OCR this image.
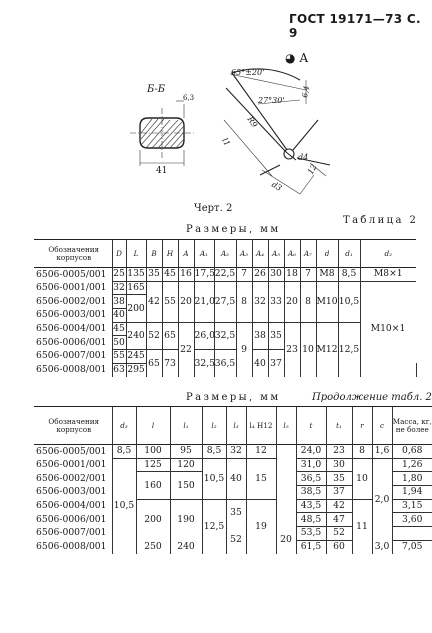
ГОСТ 19171—73 С. 9
Б-Б
6,3
41
◕ А
65°±20'
27°30'
6,4
R9
12
d3
d4
l1
Черт. 2
Таблица 2
Размеры, мм
Обозначения корпусов	D	L	B	H	A	A₁	A₂	A₃	A₄	A₅	A₆	A₇	d	d₁	d₂	
6506-0005/001	25	135	35	45	16	17,5	22,5	7	26	30	18	7	M8	8,5	M8×1	
6506-0001/001	32	165	42	55	20	21,0	27,5	8	32	33	20	8	M10	10,5	M10×1	
6506-0002/001	38	200														
6506-0003/001	40															
6506-0004/001	45	240	52	65	22	26,0	32,5	9	38	35	23	10	M12	12,5		
6506-0006/001	50															
6506-0007/001	55	245	65	73		32,5	36,5		40	37						
6506-0008/001	63	295														
Размеры, мм	Продолжение табл. 2
Обозначения корпусов	d₃	l	l₁	l₂	l₃	l₄ H12	l₅	t	t₁	r	c	Масса, кг, не более	
6506-0005/001	8,5	100	95	8,5	32	12		24,0	23	8	1,6	0,68	
6506-0001/001	10,5	125	120	10,5	40	15		31,0	30	10	2,0	1,26	
6506-0002/001		160	150					36,5	35			1,80	
6506-0003/001								38,5	37			1,94	
6506-0004/001		200	190	12,5	35	19		43,5	42	11		3,15	
6506-0006/001								48,5	47			3,60	
6506-0007/001					52		20	53,5	52		
6506-0008/001		250	240					61,5	60		3,0	7,05	
